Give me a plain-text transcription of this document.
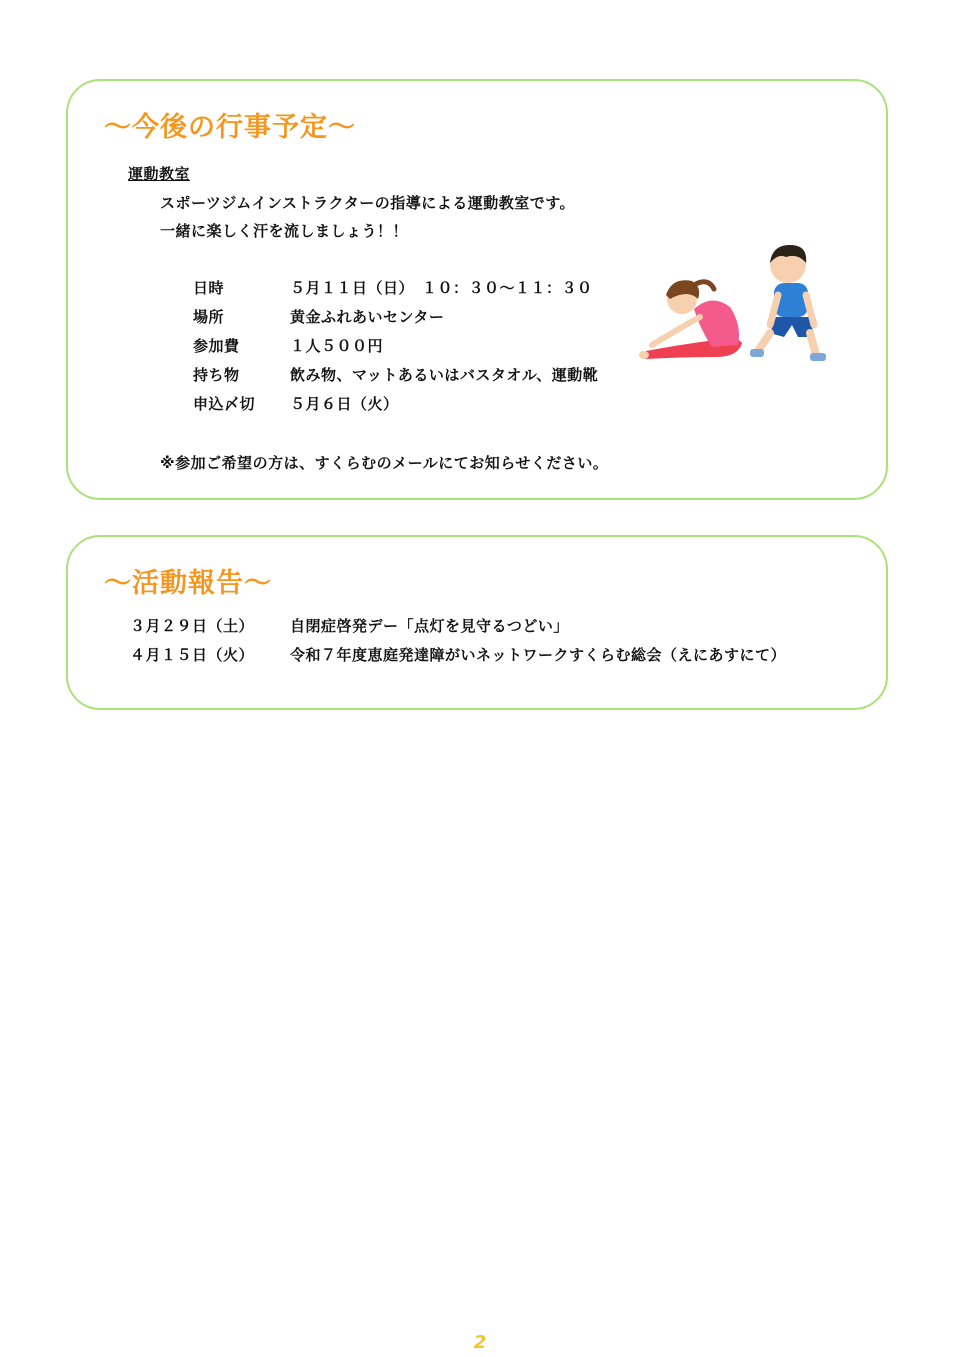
～今後の行事予定～
運動教室
スポーツジムインストラクターの指導による運動教室です。
一緒に楽しく汗を流しましょう！！
日時	５月１１日（日）　１０：３０～１１：３０
場所	黄金ふれあいセンター
参加費	１人５００円
持ち物	飲み物、マットあるいはバスタオル、運動靴
申込〆切 ５月６日（火）
※参加ご希望の方は、すくらむのメールにてお知らせください。
～活動報告～
３月２９日（土） 自閉症啓発デー「点灯を見守るつどい」
４月１５日（火） 令和７年度恵庭発達障がいネットワークすくらむ総会（えにあすにて）
2
